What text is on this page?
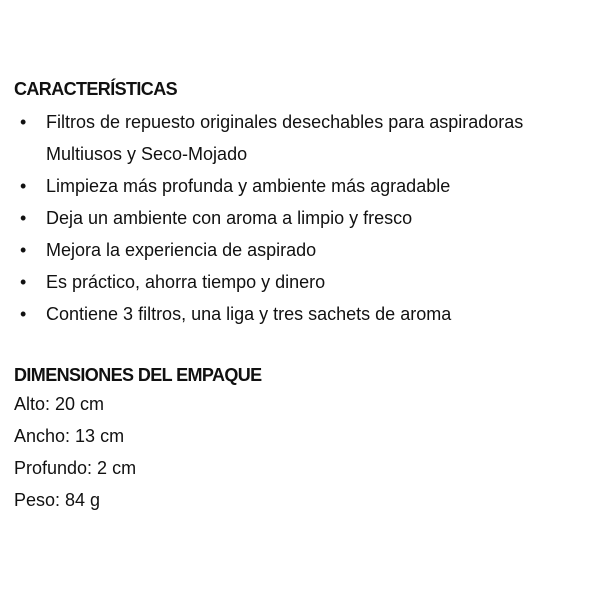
CARACTERÍSTICAS
• Filtros de repuesto originales desechables para aspiradoras Multiusos y Seco-Mojado
• Limpieza más profunda y ambiente más agradable
• Deja un ambiente con aroma a limpio y fresco
• Mejora la experiencia de aspirado
• Es práctico, ahorra tiempo y dinero
• Contiene 3 filtros, una liga y tres sachets de aroma
DIMENSIONES DEL EMPAQUE
Alto: 20 cm
Ancho: 13 cm
Profundo: 2 cm
Peso: 84 g
